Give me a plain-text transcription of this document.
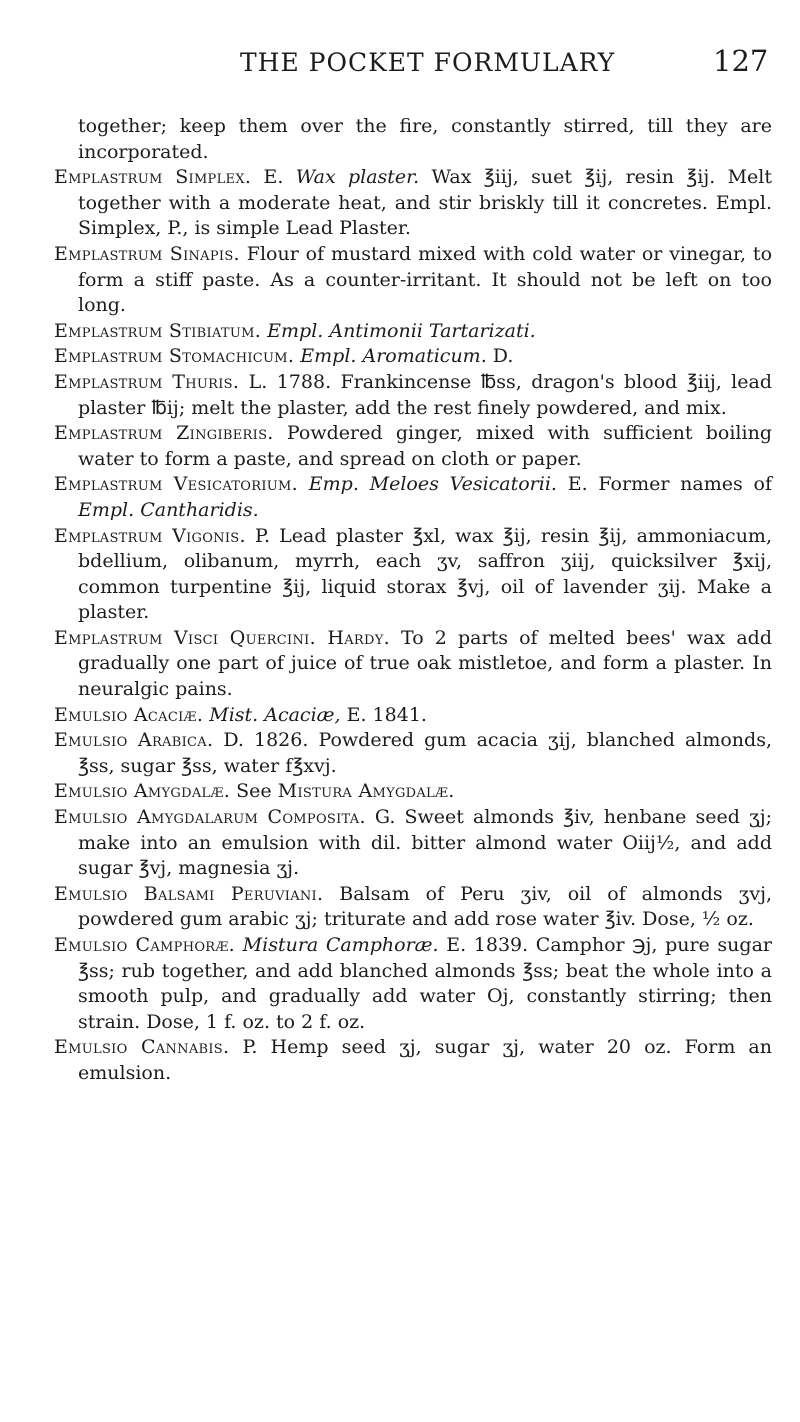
THE POCKET FORMULARY	127

together; keep them over the fire, constantly stirred, till they are incorporated.

Emplastrum Simplex. E. Wax plaster. Wax ℥iij, suet ℥ij, resin ℥ij. Melt together with a moderate heat, and stir briskly till it concretes. Empl. Simplex, P., is simple Lead Plaster.

Emplastrum Sinapis. Flour of mustard mixed with cold water or vinegar, to form a stiff paste. As a counter-irritant. It should not be left on too long.

Emplastrum Stibiatum. Empl. Antimonii Tartarizati.

Emplastrum Stomachicum. Empl. Aromaticum. D.

Emplastrum Thuris. L. 1788. Frankincense ℔ss, dragon's blood ℥iij, lead plaster ℔ij; melt the plaster, add the rest finely powdered, and mix.

Emplastrum Zingiberis. Powdered ginger, mixed with sufficient boiling water to form a paste, and spread on cloth or paper.

Emplastrum Vesicatorium. Emp. Meloes Vesicatorii. E. Former names of Empl. Cantharidis.

Emplastrum Vigonis. P. Lead plaster ℥xl, wax ℥ij, resin ℥ij, ammoniacum, bdellium, olibanum, myrrh, each ʒv, saffron ʒiij, quicksilver ℥xij, common turpentine ℥ij, liquid storax ℥vj, oil of lavender ʒij. Make a plaster.

Emplastrum Visci Quercini. Hardy. To 2 parts of melted bees' wax add gradually one part of juice of true oak mistletoe, and form a plaster. In neuralgic pains.

Emulsio Acaciæ. Mist. Acaciæ, E. 1841.

Emulsio Arabica. D. 1826. Powdered gum acacia ʒij, blanched almonds, ℥ss, sugar ℥ss, water f℥xvj.

Emulsio Amygdalæ. See Mistura Amygdalæ.

Emulsio Amygdalarum Composita. G. Sweet almonds ℥iv, henbane seed ʒj; make into an emulsion with dil. bitter almond water Oiij½, and add sugar ℥vj, magnesia ʒj.

Emulsio Balsami Peruviani. Balsam of Peru ʒiv, oil of almonds ʒvj, powdered gum arabic ʒj; triturate and add rose water ℥iv. Dose, ½ oz.

Emulsio Camphoræ. Mistura Camphoræ. E. 1839. Camphor ℈j, pure sugar ℥ss; rub together, and add blanched almonds ℥ss; beat the whole into a smooth pulp, and gradually add water Oj, constantly stirring; then strain. Dose, 1 f. oz. to 2 f. oz.

Emulsio Cannabis. P. Hemp seed ʒj, sugar ʒj, water 20 oz. Form an emulsion.
